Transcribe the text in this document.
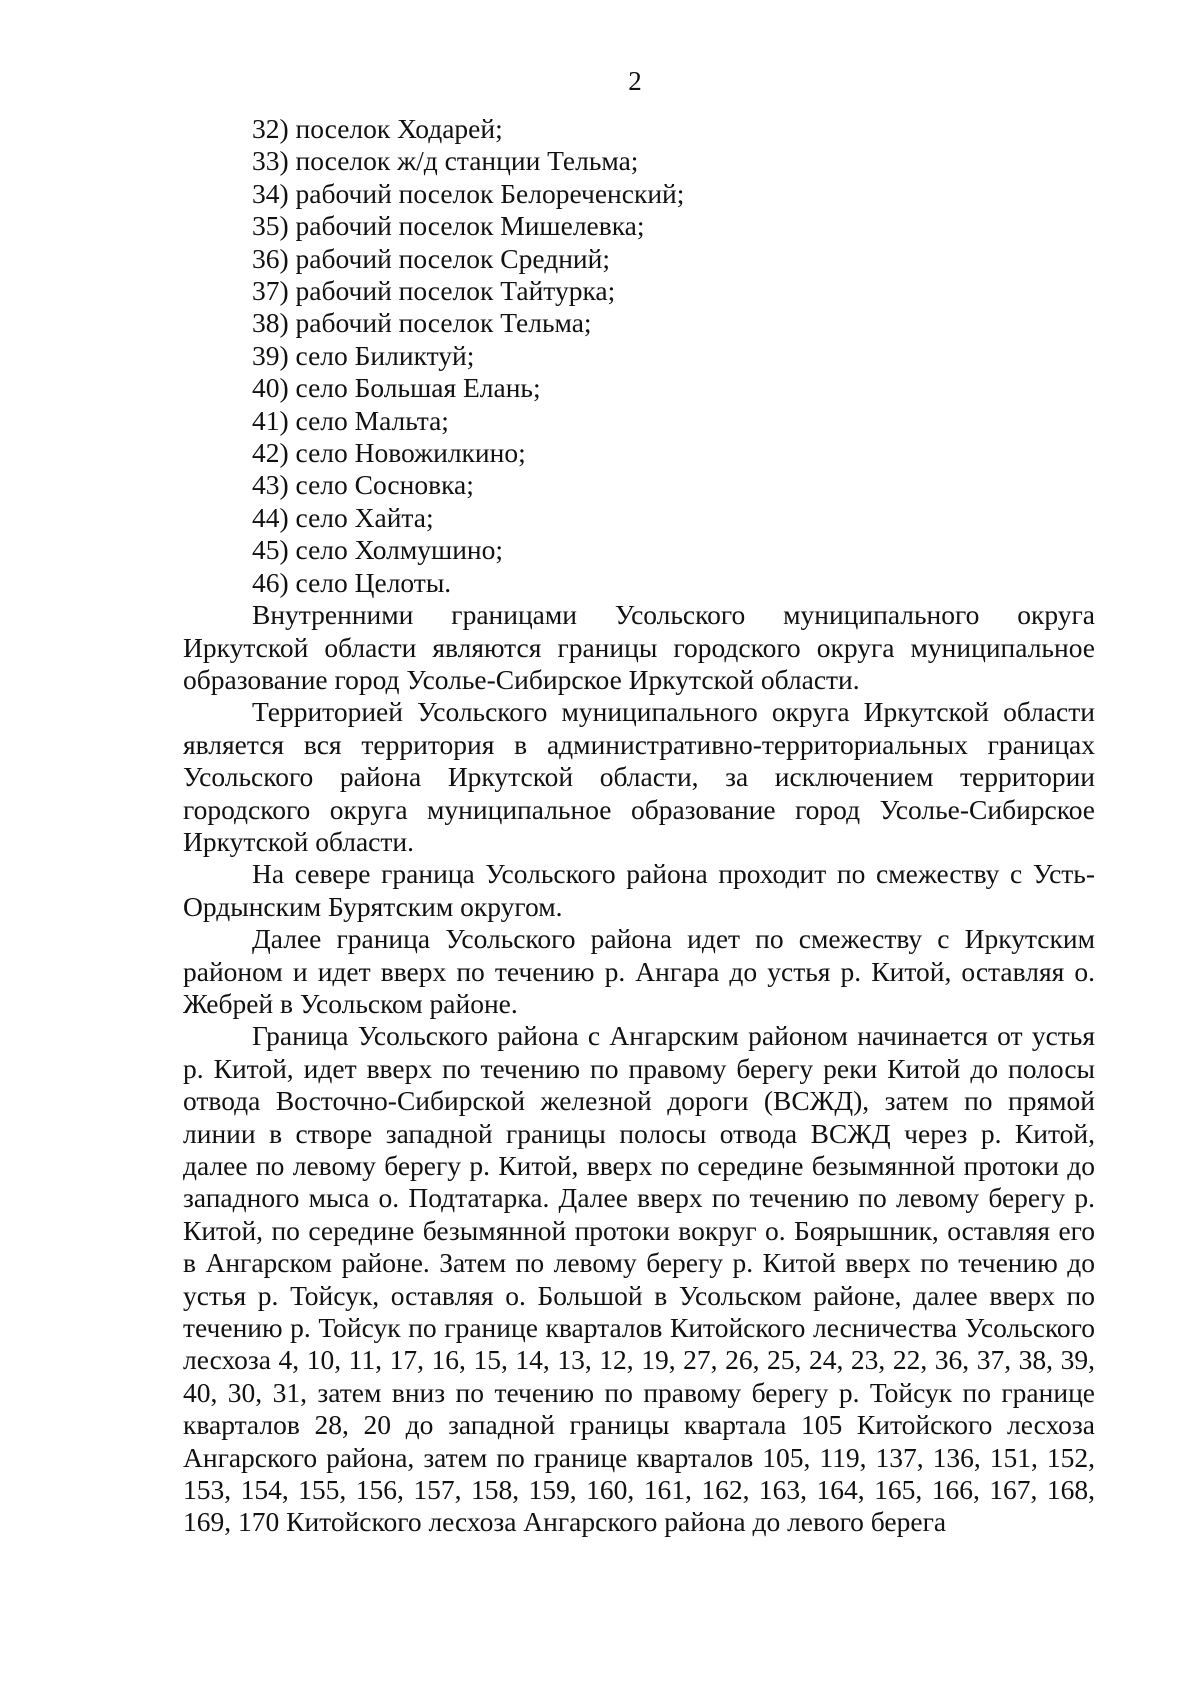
2
32) поселок Ходарей;
33) поселок ж/д станции Тельма;
34) рабочий поселок Белореченский;
35) рабочий поселок Мишелевка;
36) рабочий поселок Средний;
37) рабочий поселок Тайтурка;
38) рабочий поселок Тельма;
39) село Биликтуй;
40) село Большая Елань;
41) село Мальта;
42) село Новожилкино;
43) село Сосновка;
44) село Хайта;
45) село Холмушино;
46) село Целоты.

Внутренними границами Усольского муниципального округа Иркутской области являются границы городского округа муниципальное образование город Усолье-Сибирское Иркутской области.

Территорией Усольского муниципального округа Иркутской области является вся территория в административно-территориальных границах Усольского района Иркутской области, за исключением территории городского округа муниципальное образование город Усолье-Сибирское Иркутской области.

На севере граница Усольского района проходит по смежеству с Усть-Ордынским Бурятским округом.

Далее граница Усольского района идет по смежеству с Иркутским районом и идет вверх по течению р. Ангара до устья р. Китой, оставляя о. Жебрей в Усольском районе.

Граница Усольского района с Ангарским районом начинается от устья р. Китой, идет вверх по течению по правому берегу реки Китой до полосы отвода Восточно-Сибирской железной дороги (ВСЖД), затем по прямой линии в створе западной границы полосы отвода ВСЖД через р. Китой, далее по левому берегу р. Китой, вверх по середине безымянной протоки до западного мыса о. Подтатарка. Далее вверх по течению по левому берегу р. Китой, по середине безымянной протоки вокруг о. Боярышник, оставляя его в Ангарском районе. Затем по левому берегу р. Китой вверх по течению до устья р. Тойсук, оставляя о. Большой в Усольском районе, далее вверх по течению р. Тойсук по границе кварталов Китойского лесничества Усольского лесхоза 4, 10, 11, 17, 16, 15, 14, 13, 12, 19, 27, 26, 25, 24, 23, 22, 36, 37, 38, 39, 40, 30, 31, затем вниз по течению по правому берегу р. Тойсук по границе кварталов 28, 20 до западной границы квартала 105 Китойского лесхоза Ангарского района, затем по границе кварталов 105, 119, 137, 136, 151, 152, 153, 154, 155, 156, 157, 158, 159, 160, 161, 162, 163, 164, 165, 166, 167, 168, 169, 170 Китойского лесхоза Ангарского района до левого берега
